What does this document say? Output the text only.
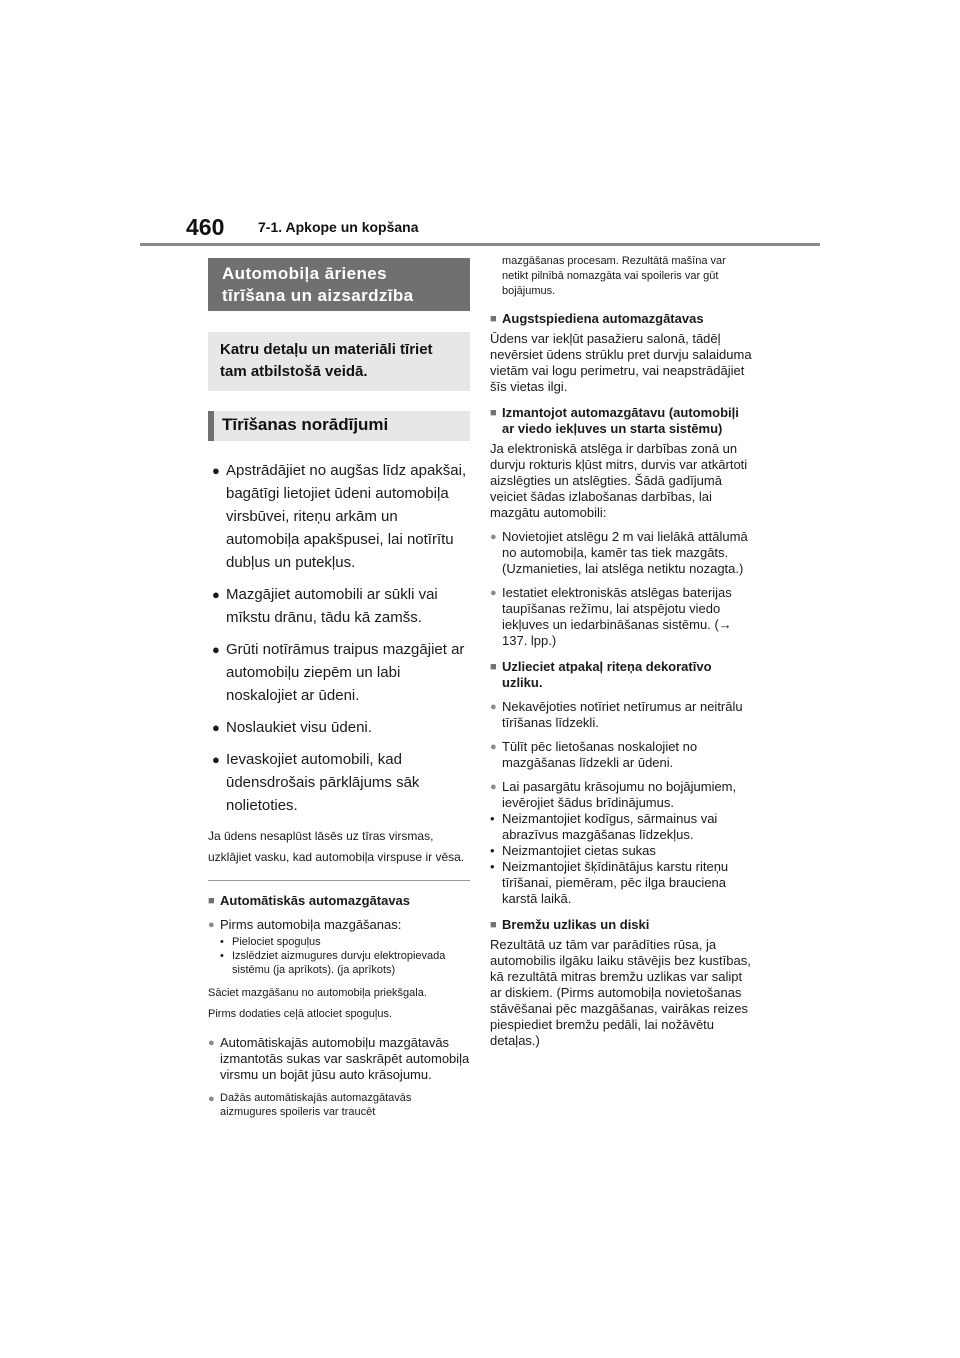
460 7-1. Apkope un kopšana
Automobiļa ārienes
tīrīšana un aizsardzība
Katru detaļu un materiāli tīriet
tam atbilstošā veidā.
Tīrīšanas norādījumi
● Apstrādājiet no augšas līdz apakšai, bagātīgi lietojiet ūdeni automobiļa virsbūvei, riteņu arkām un automobiļa apakšpusei, lai notīrītu dubļus un putekļus.
● Mazgājiet automobili ar sūkli vai mīkstu drānu, tādu kā zamšs.
● Grūti notīrāmus traipus mazgājiet ar automobiļu ziepēm un labi noskalojiet ar ūdeni.
● Noslaukiet visu ūdeni.
● Ievaskojiet automobili, kad ūdensdrošais pārklājums sāk nolietoties.
Ja ūdens nesaplūst lāsēs uz tīras virsmas, uzklājiet vasku, kad automobiļa virspuse ir vēsa.
■ Automātiskās automazgātavas
● Pirms automobiļa mazgāšanas:
• Pielociet spoguļus
• Izslēdziet aizmugures durvju elektropievada sistēmu (ja aprīkots). (ja aprīkots)
Sāciet mazgāšanu no automobiļa priekšgala.
Pirms dodaties ceļā atlociet spoguļus.
● Automātiskajās automobiļu mazgātavās izmantotās sukas var saskrāpēt automobiļa virsmu un bojāt jūsu auto krāsojumu.
● Dažās automātiskajās automazgātavās aizmugures spoileris var traucēt
mazgāšanas procesam. Rezultātā mašīna var netikt pilnībā nomazgāta vai spoileris var gūt bojājumus.
■ Augstspiediena automazgātavas
Ūdens var iekļūt pasažieru salonā, tādēļ nevērsiet ūdens strūklu pret durvju salaiduma vietām vai logu perimetru, vai neapstrādājiet šīs vietas ilgi.
■ Izmantojot automazgātavu (automobiļi ar viedo iekļuves un starta sistēmu)
Ja elektroniskā atslēga ir darbības zonā un durvju rokturis kļūst mitrs, durvis var atkārtoti aizslēgties un atslēgties. Šādā gadījumā veiciet šādas izlabošanas darbības, lai mazgātu automobili:
● Novietojiet atslēgu 2 m vai lielākā attālumā no automobiļa, kamēr tas tiek mazgāts. (Uzmanieties, lai atslēga netiktu nozagta.)
● Iestatiet elektroniskās atslēgas baterijas taupīšanas režīmu, lai atspējotu viedo iekļuves un iedarbināšanas sistēmu. (→ 137. lpp.)
■ Uzlieciet atpakaļ riteņa dekoratīvo uzliku.
● Nekavējoties notīriet netīrumus ar neitrālu tīrīšanas līdzekli.
● Tūlīt pēc lietošanas noskalojiet no mazgāšanas līdzekli ar ūdeni.
● Lai pasargātu krāsojumu no bojājumiem, ievērojiet šādus brīdinājumus.
• Neizmantojiet kodīgus, sārmainus vai abrazīvus mazgāšanas līdzekļus.
• Neizmantojiet cietas sukas
• Neizmantojiet šķīdinātājus karstu riteņu tīrīšanai, piemēram, pēc ilga brauciena karstā laikā.
■ Bremžu uzlikas un diski
Rezultātā uz tām var parādīties rūsa, ja automobilis ilgāku laiku stāvējis bez kustības, kā rezultātā mitras bremžu uzlikas var salipt ar diskiem. (Pirms automobiļa novietošanas stāvēšanai pēc mazgāšanas, vairākas reizes piespiediet bremžu pedāli, lai nožāvētu detaļas.)
